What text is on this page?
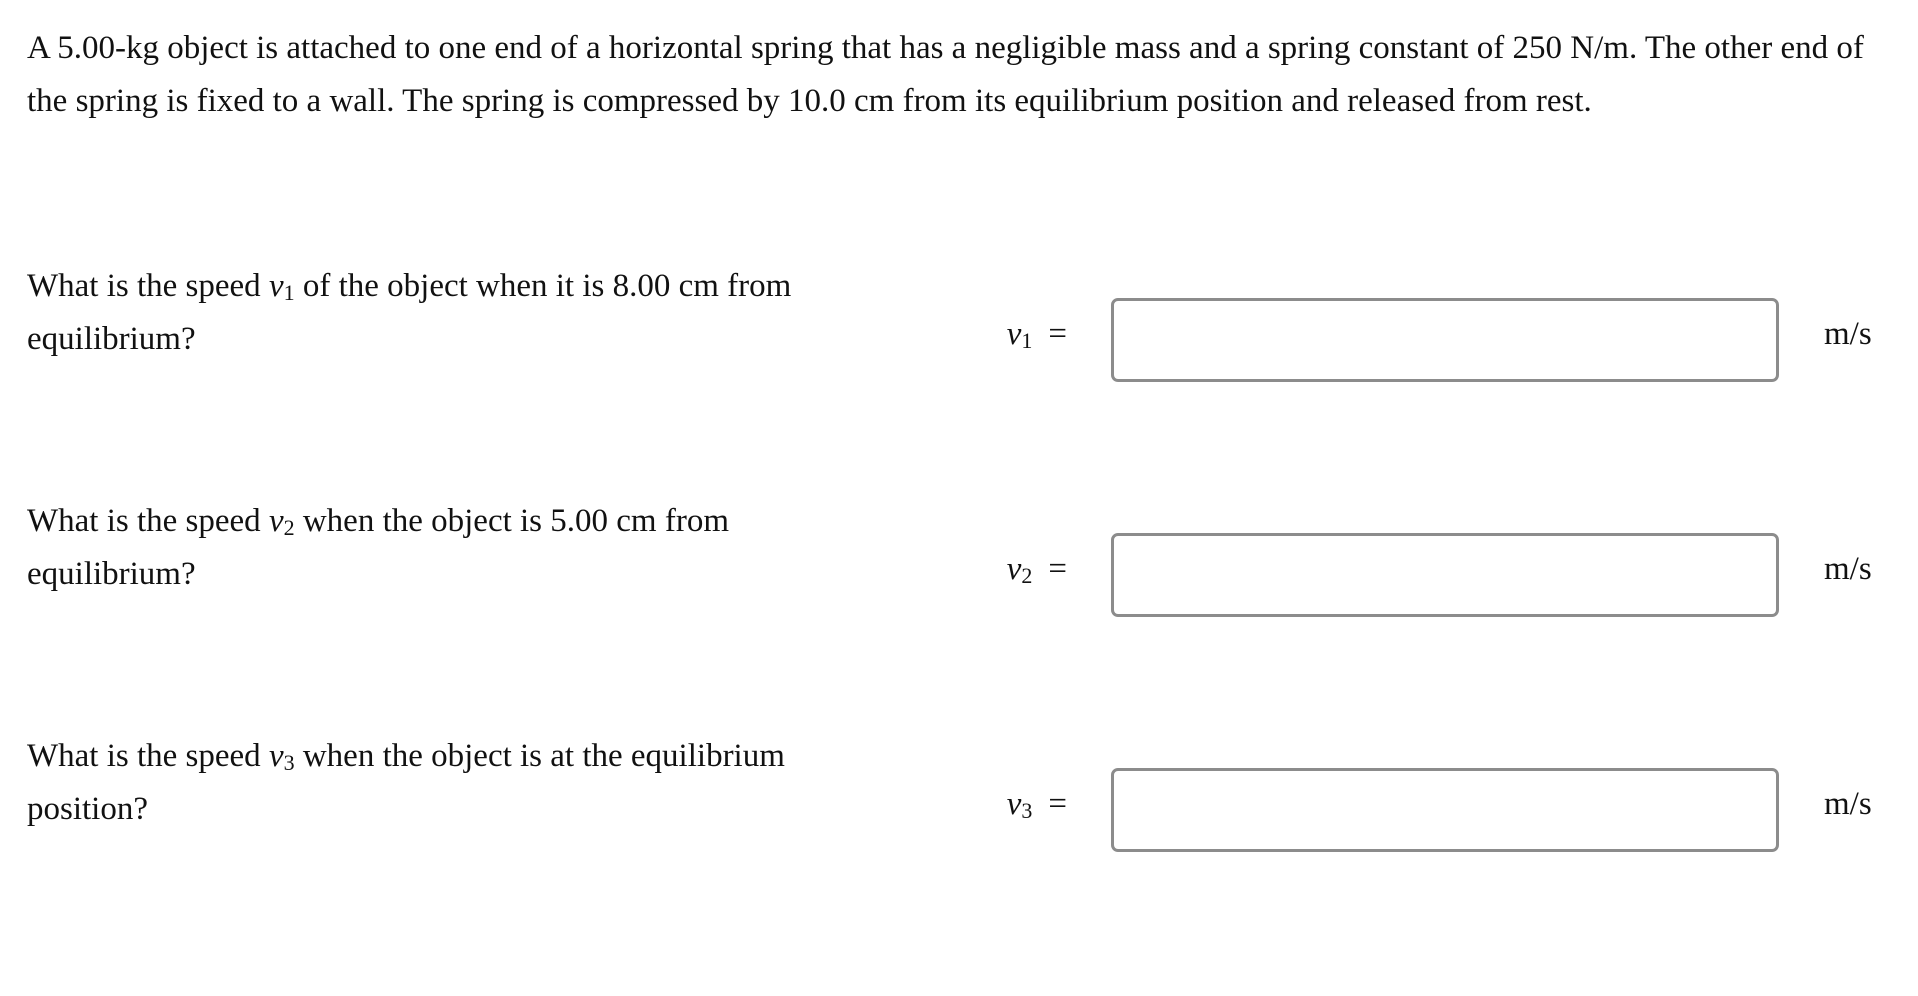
A 5.00-kg object is attached to one end of a horizontal spring that has a negligible mass and a spring constant of 250 N/m. The other end of the spring is fixed to a wall. The spring is compressed by 10.0 cm from its equilibrium position and released from rest.
What is the speed $v_1$ of the object when it is 8.00 cm from equilibrium?	$v_1$ =	m/s
What is the speed $v_2$ when the object is 5.00 cm from equilibrium?	$v_2$ =	m/s
What is the speed $v_3$ when the object is at the equilibrium position?	$v_3$ =	m/s
